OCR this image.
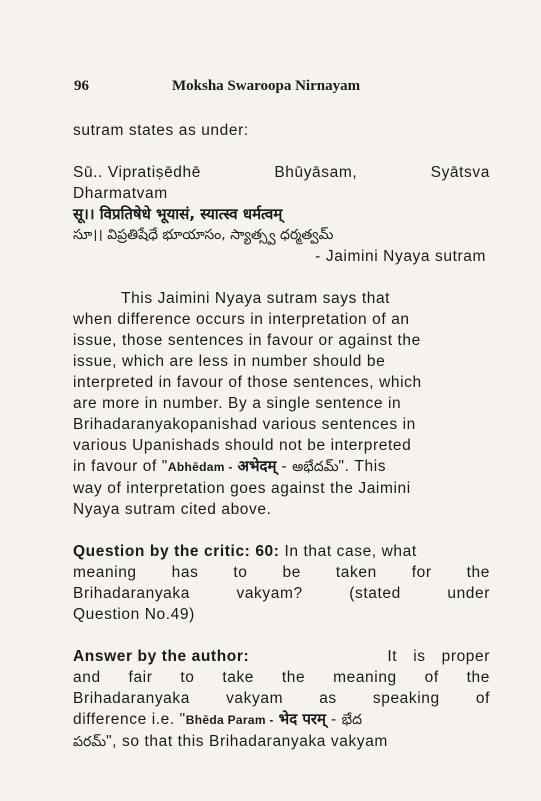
96	Moksha Swaroopa Nirnayam
sutram states as under:
Sū.. Vipratiṣēdhē	Bhūyāsam,	Syātsva
Dharmatvam
सू।। विप्रतिषेधे भूयासं, स्यात्स्व धर्मत्वम्
సూ।। విప్రతిషేధే భూయాసం, స్యాత్స్వ ధర్మత్వమ్
- Jaimini Nyaya sutram
This Jaimini Nyaya sutram says that
when difference occurs in interpretation of an
issue, those sentences in favour or against the
issue, which are less in number should be
interpreted in favour of those sentences, which
are more in number. By a single sentence in
Brihadaranyakopanishad various sentences in
various Upanishads should not be interpreted
in favour of "Abhēdam - अभेदम् - అభేదమ్". This
way of interpretation goes against the Jaimini
Nyaya sutram cited above.
Question by the critic: 60: In that case, what
meaning has to be taken for the
Brihadaranyaka	vakyam?	(stated	under
Question No.49)
Answer by the author:	It is proper
and fair to take the meaning of the
Brihadaranyaka vakyam as speaking of
difference i.e. "Bhēda Param - भेद परम् - భేద
పరమ్", so that this Brihadaranyaka vakyam
